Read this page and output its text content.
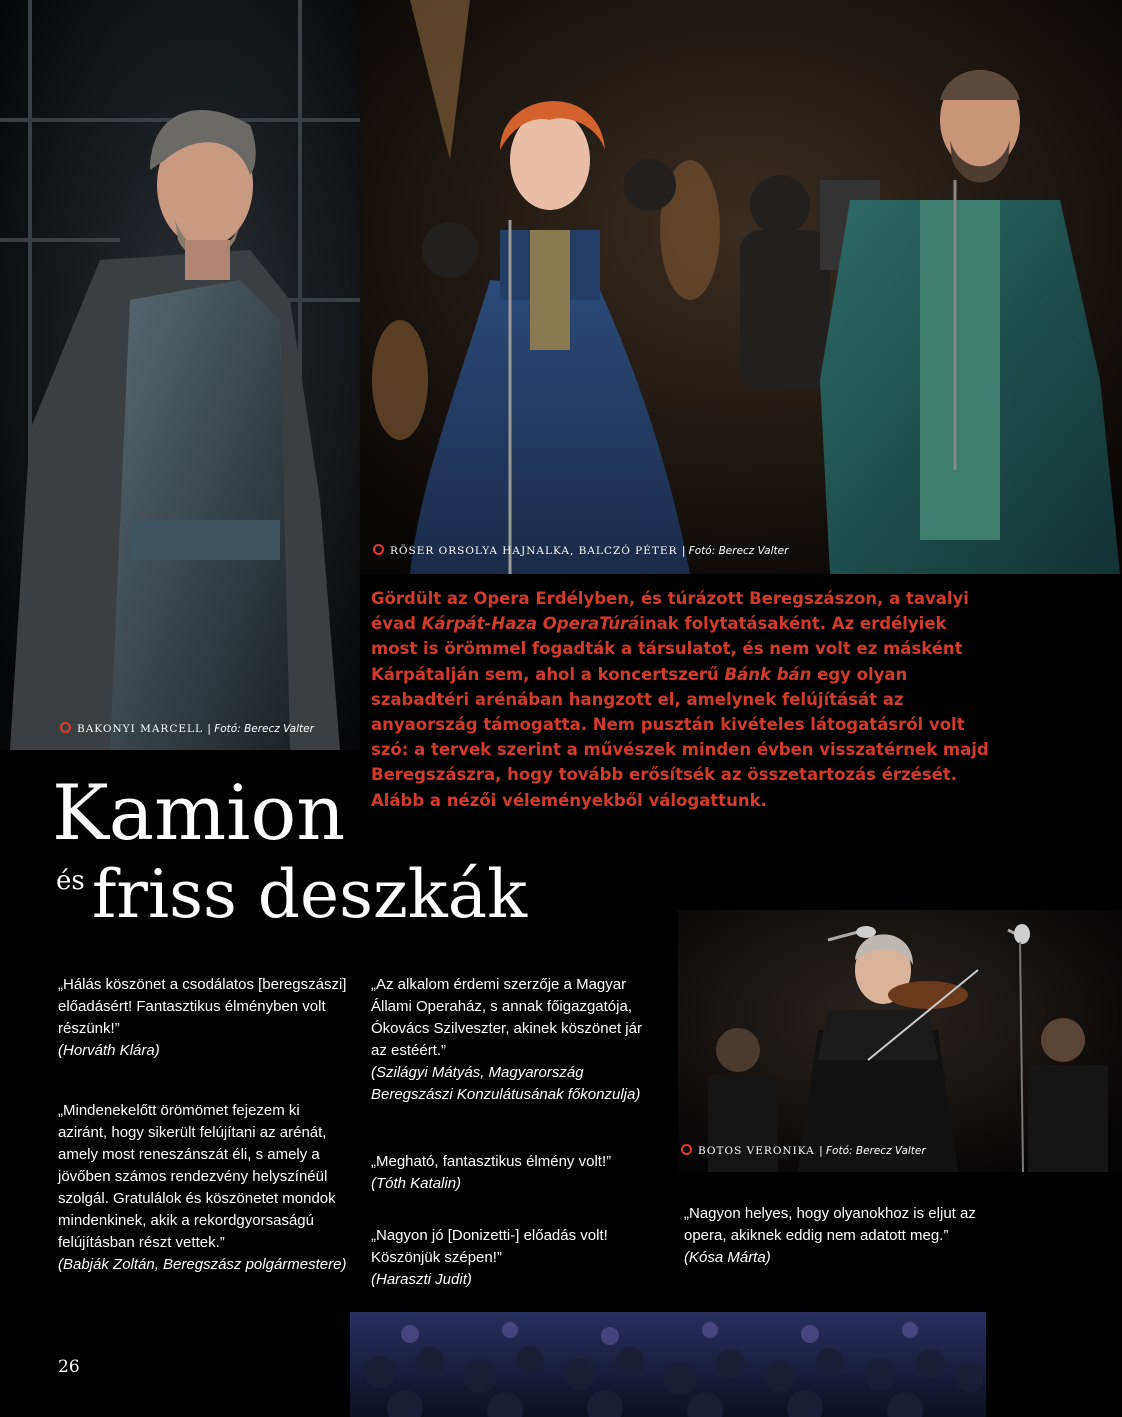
BAKONYI MARCELL | Fotó: Berecz Valter
RÖSER ORSOLYA HAJNALKA, BALCZÓ PÉTER | Fotó: Berecz Valter
Gördült az Opera Erdélyben, és túrázott Beregszászon, a tavalyi évad Kárpát-Haza OperaTúráinak folytatásaként. Az erdélyiek most is örömmel fogadták a társulatot, és nem volt ez másként Kárpátalján sem, ahol a koncertszerű Bánk bán egy olyan szabadtéri arénában hangzott el, amelynek felújítását az anyaország támogatta. Nem pusztán kivételes látogatásról volt szó: a tervek szerint a művészek minden évben visszatérnek majd Beregszászra, hogy tovább erősítsék az összetartozás érzését. Alább a nézői véleményekből válogattunk.
Kamion
és friss deszkák
BOTOS VERONIKA | Fotó: Berecz Valter
„Hálás köszönet a csodálatos [beregszászi] előadásért! Fantasztikus élményben volt részünk!”
(Horváth Klára)
„Mindenekelőtt örömömet fejezem ki aziránt, hogy sikerült felújítani az arénát, amely most reneszánszát éli, s amely a jövőben számos rendezvény helyszínéül szolgál. Gratulálok és köszönetet mondok mindenkinek, akik a rekordgyorsaságú felújításban részt vettek.”
(Babják Zoltán, Beregszász polgármestere)
„Az alkalom érdemi szerzője a Magyar Állami Operaház, s annak főigazgatója, Ókovács Szilveszter, akinek köszönet jár az estéért.”
(Szilágyi Mátyás, Magyarország Beregszászi Konzulátusának főkonzulja)
„Megható, fantasztikus élmény volt!”
(Tóth Katalin)
„Nagyon jó [Donizetti-] előadás volt! Köszönjük szépen!”
(Haraszti Judit)
„Nagyon helyes, hogy olyanokhoz is eljut az opera, akiknek eddig nem adatott meg.”
(Kósa Márta)
26
